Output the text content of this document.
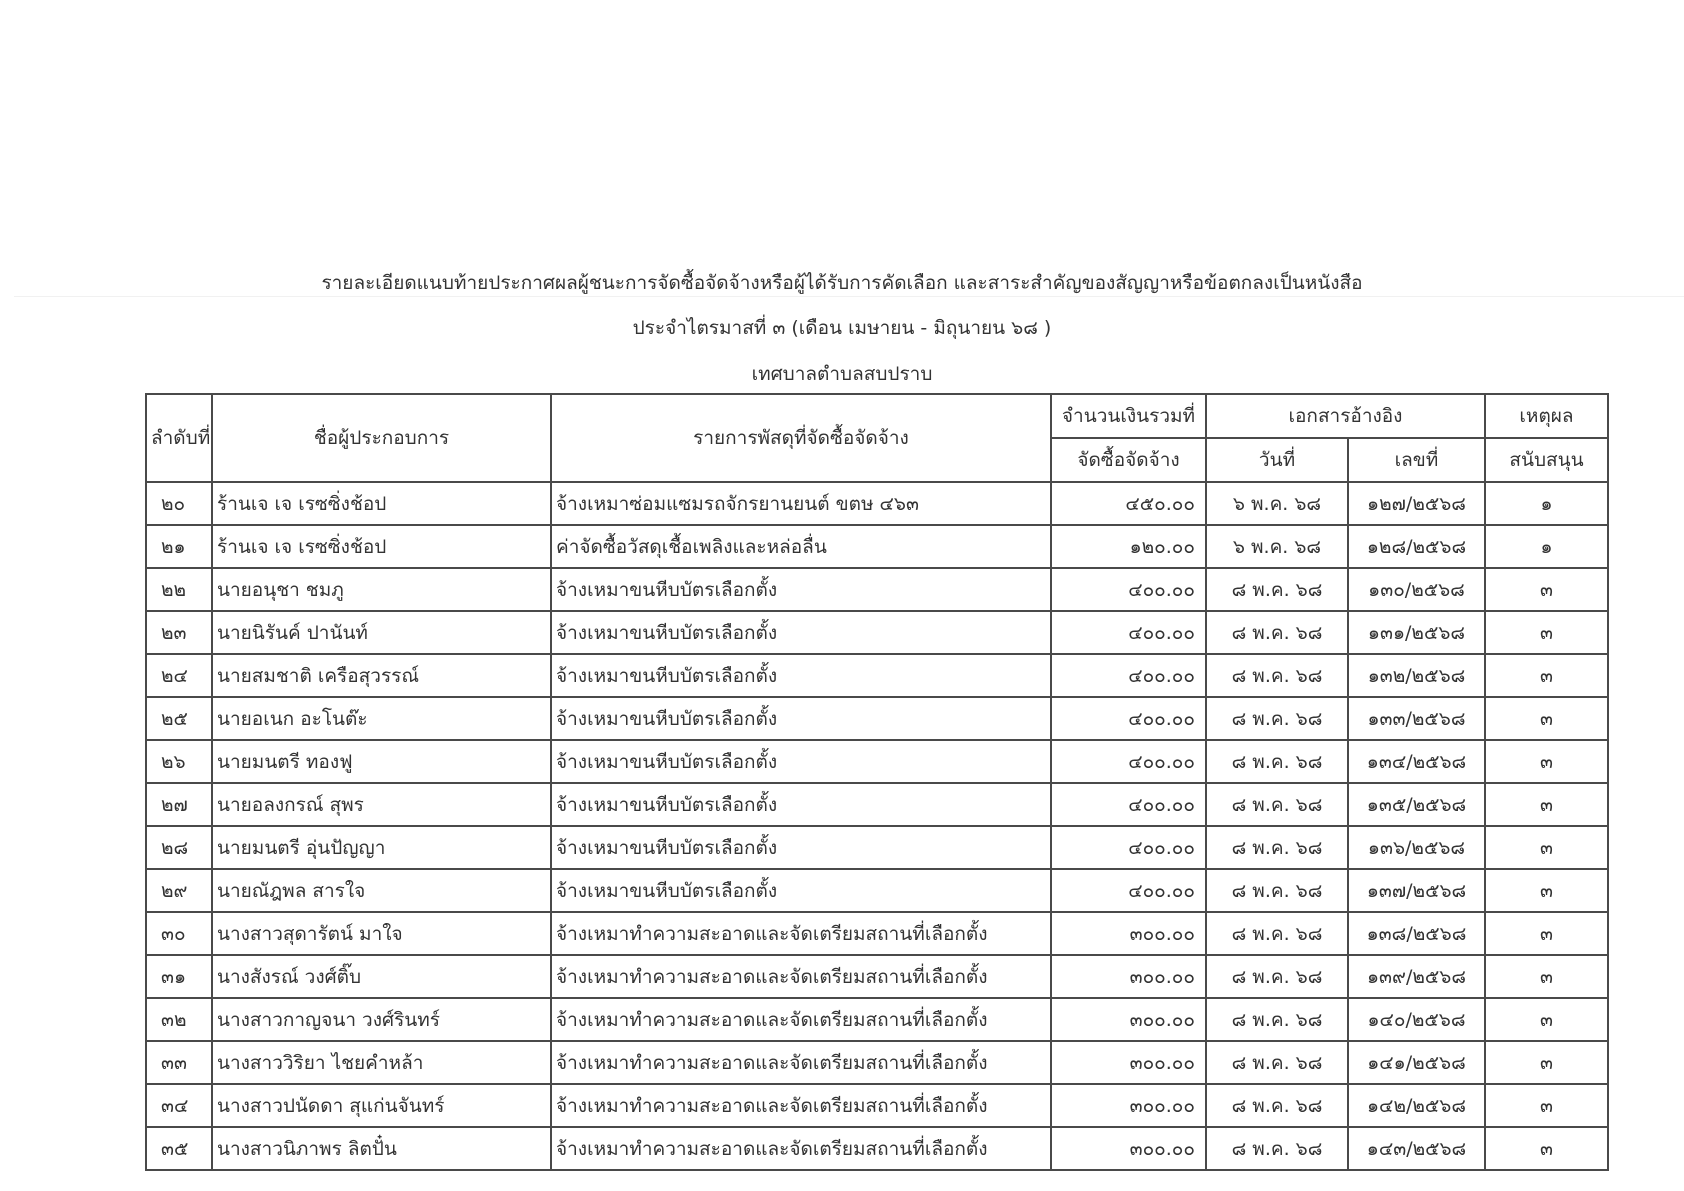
รายละเอียดแนบท้ายประกาศผลผู้ชนะการจัดซื้อจัดจ้างหรือผู้ได้รับการคัดเลือก และสาระสำคัญของสัญญาหรือข้อตกลงเป็นหนังสือ
ประจำไตรมาสที่ ๓ (เดือน เมษายน - มิถุนายน ๖๘ )
เทศบาลตำบลสบปราบ
ลำดับที่	ชื่อผู้ประกอบการ	รายการพัสดุที่จัดซื้อจัดจ้าง	จำนวนเงินรวมที่	เอกสารอ้างอิง		เหตุผล
			จัดซื้อจัดจ้าง	วันที่	เลขที่	สนับสนุน
๒๐	ร้านเจ เจ เรซซิ่งช้อป	จ้างเหมาซ่อมแซมรถจักรยานยนต์ ขตษ ๔๖๓	๔๕๐.๐๐	๖ พ.ค. ๖๘	๑๒๗/๒๕๖๘	๑
๒๑	ร้านเจ เจ เรซซิ่งช้อป	ค่าจัดซื้อวัสดุเชื้อเพลิงและหล่อลื่น	๑๒๐.๐๐	๖ พ.ค. ๖๘	๑๒๘/๒๕๖๘	๑
๒๒	นายอนุชา ชมภู	จ้างเหมาขนหีบบัตรเลือกตั้ง	๔๐๐.๐๐	๘ พ.ค. ๖๘	๑๓๐/๒๕๖๘	๓
๒๓	นายนิรันค์ ปานันท์	จ้างเหมาขนหีบบัตรเลือกตั้ง	๔๐๐.๐๐	๘ พ.ค. ๖๘	๑๓๑/๒๕๖๘	๓
๒๔	นายสมชาติ เครือสุวรรณ์	จ้างเหมาขนหีบบัตรเลือกตั้ง	๔๐๐.๐๐	๘ พ.ค. ๖๘	๑๓๒/๒๕๖๘	๓
๒๕	นายอเนก อะโนต๊ะ	จ้างเหมาขนหีบบัตรเลือกตั้ง	๔๐๐.๐๐	๘ พ.ค. ๖๘	๑๓๓/๒๕๖๘	๓
๒๖	นายมนตรี ทองฟู	จ้างเหมาขนหีบบัตรเลือกตั้ง	๔๐๐.๐๐	๘ พ.ค. ๖๘	๑๓๔/๒๕๖๘	๓
๒๗	นายอลงกรณ์ สุพร	จ้างเหมาขนหีบบัตรเลือกตั้ง	๔๐๐.๐๐	๘ พ.ค. ๖๘	๑๓๕/๒๕๖๘	๓
๒๘	นายมนตรี อุ่นปัญญา	จ้างเหมาขนหีบบัตรเลือกตั้ง	๔๐๐.๐๐	๘ พ.ค. ๖๘	๑๓๖/๒๕๖๘	๓
๒๙	นายณัฎพล สารใจ	จ้างเหมาขนหีบบัตรเลือกตั้ง	๔๐๐.๐๐	๘ พ.ค. ๖๘	๑๓๗/๒๕๖๘	๓
๓๐	นางสาวสุดารัตน์ มาใจ	จ้างเหมาทำความสะอาดและจัดเตรียมสถานที่เลือกตั้ง	๓๐๐.๐๐	๘ พ.ค. ๖๘	๑๓๘/๒๕๖๘	๓
๓๑	นางสังรณ์ วงศ์ติ๊บ	จ้างเหมาทำความสะอาดและจัดเตรียมสถานที่เลือกตั้ง	๓๐๐.๐๐	๘ พ.ค. ๖๘	๑๓๙/๒๕๖๘	๓
๓๒	นางสาวกาญจนา วงศ์รินทร์	จ้างเหมาทำความสะอาดและจัดเตรียมสถานที่เลือกตั้ง	๓๐๐.๐๐	๘ พ.ค. ๖๘	๑๔๐/๒๕๖๘	๓
๓๓	นางสาววิริยา ไชยคำหล้า	จ้างเหมาทำความสะอาดและจัดเตรียมสถานที่เลือกตั้ง	๓๐๐.๐๐	๘ พ.ค. ๖๘	๑๔๑/๒๕๖๘	๓
๓๔	นางสาวปนัดดา สุแก่นจันทร์	จ้างเหมาทำความสะอาดและจัดเตรียมสถานที่เลือกตั้ง	๓๐๐.๐๐	๘ พ.ค. ๖๘	๑๔๒/๒๕๖๘	๓
๓๕	นางสาวนิภาพร ลิตปั๋น	จ้างเหมาทำความสะอาดและจัดเตรียมสถานที่เลือกตั้ง	๓๐๐.๐๐	๘ พ.ค. ๖๘	๑๔๓/๒๕๖๘	๓
